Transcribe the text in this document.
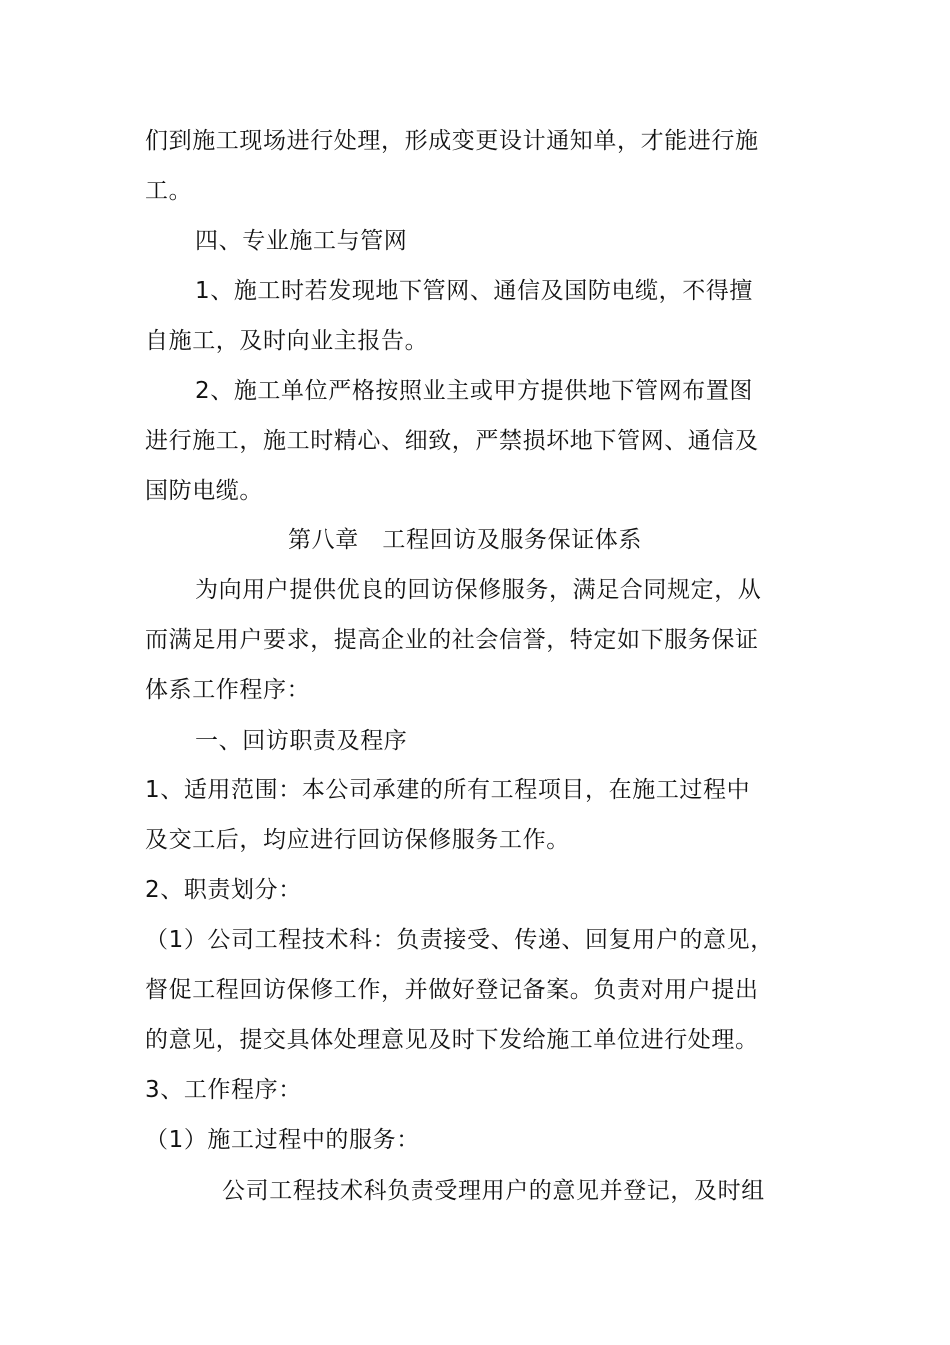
们到施工现场进行处理，形成变更设计通知单，才能进行施
工。
四、专业施工与管网
1、施工时若发现地下管网、通信及国防电缆，不得擅
自施工，及时向业主报告。
2、施工单位严格按照业主或甲方提供地下管网布置图
进行施工，施工时精心、细致，严禁损坏地下管网、通信及
国防电缆。
第八章　工程回访及服务保证体系
为向用户提供优良的回访保修服务，满足合同规定，从
而满足用户要求，提高企业的社会信誉，特定如下服务保证
体系工作程序：
一、回访职责及程序
1、适用范围：本公司承建的所有工程项目，在施工过程中
及交工后，均应进行回访保修服务工作。
2、职责划分：
（1）公司工程技术科：负责接受、传递、回复用户的意见，
督促工程回访保修工作，并做好登记备案。负责对用户提出
的意见，提交具体处理意见及时下发给施工单位进行处理。
3、工作程序：
（1）施工过程中的服务：
公司工程技术科负责受理用户的意见并登记，及时组
